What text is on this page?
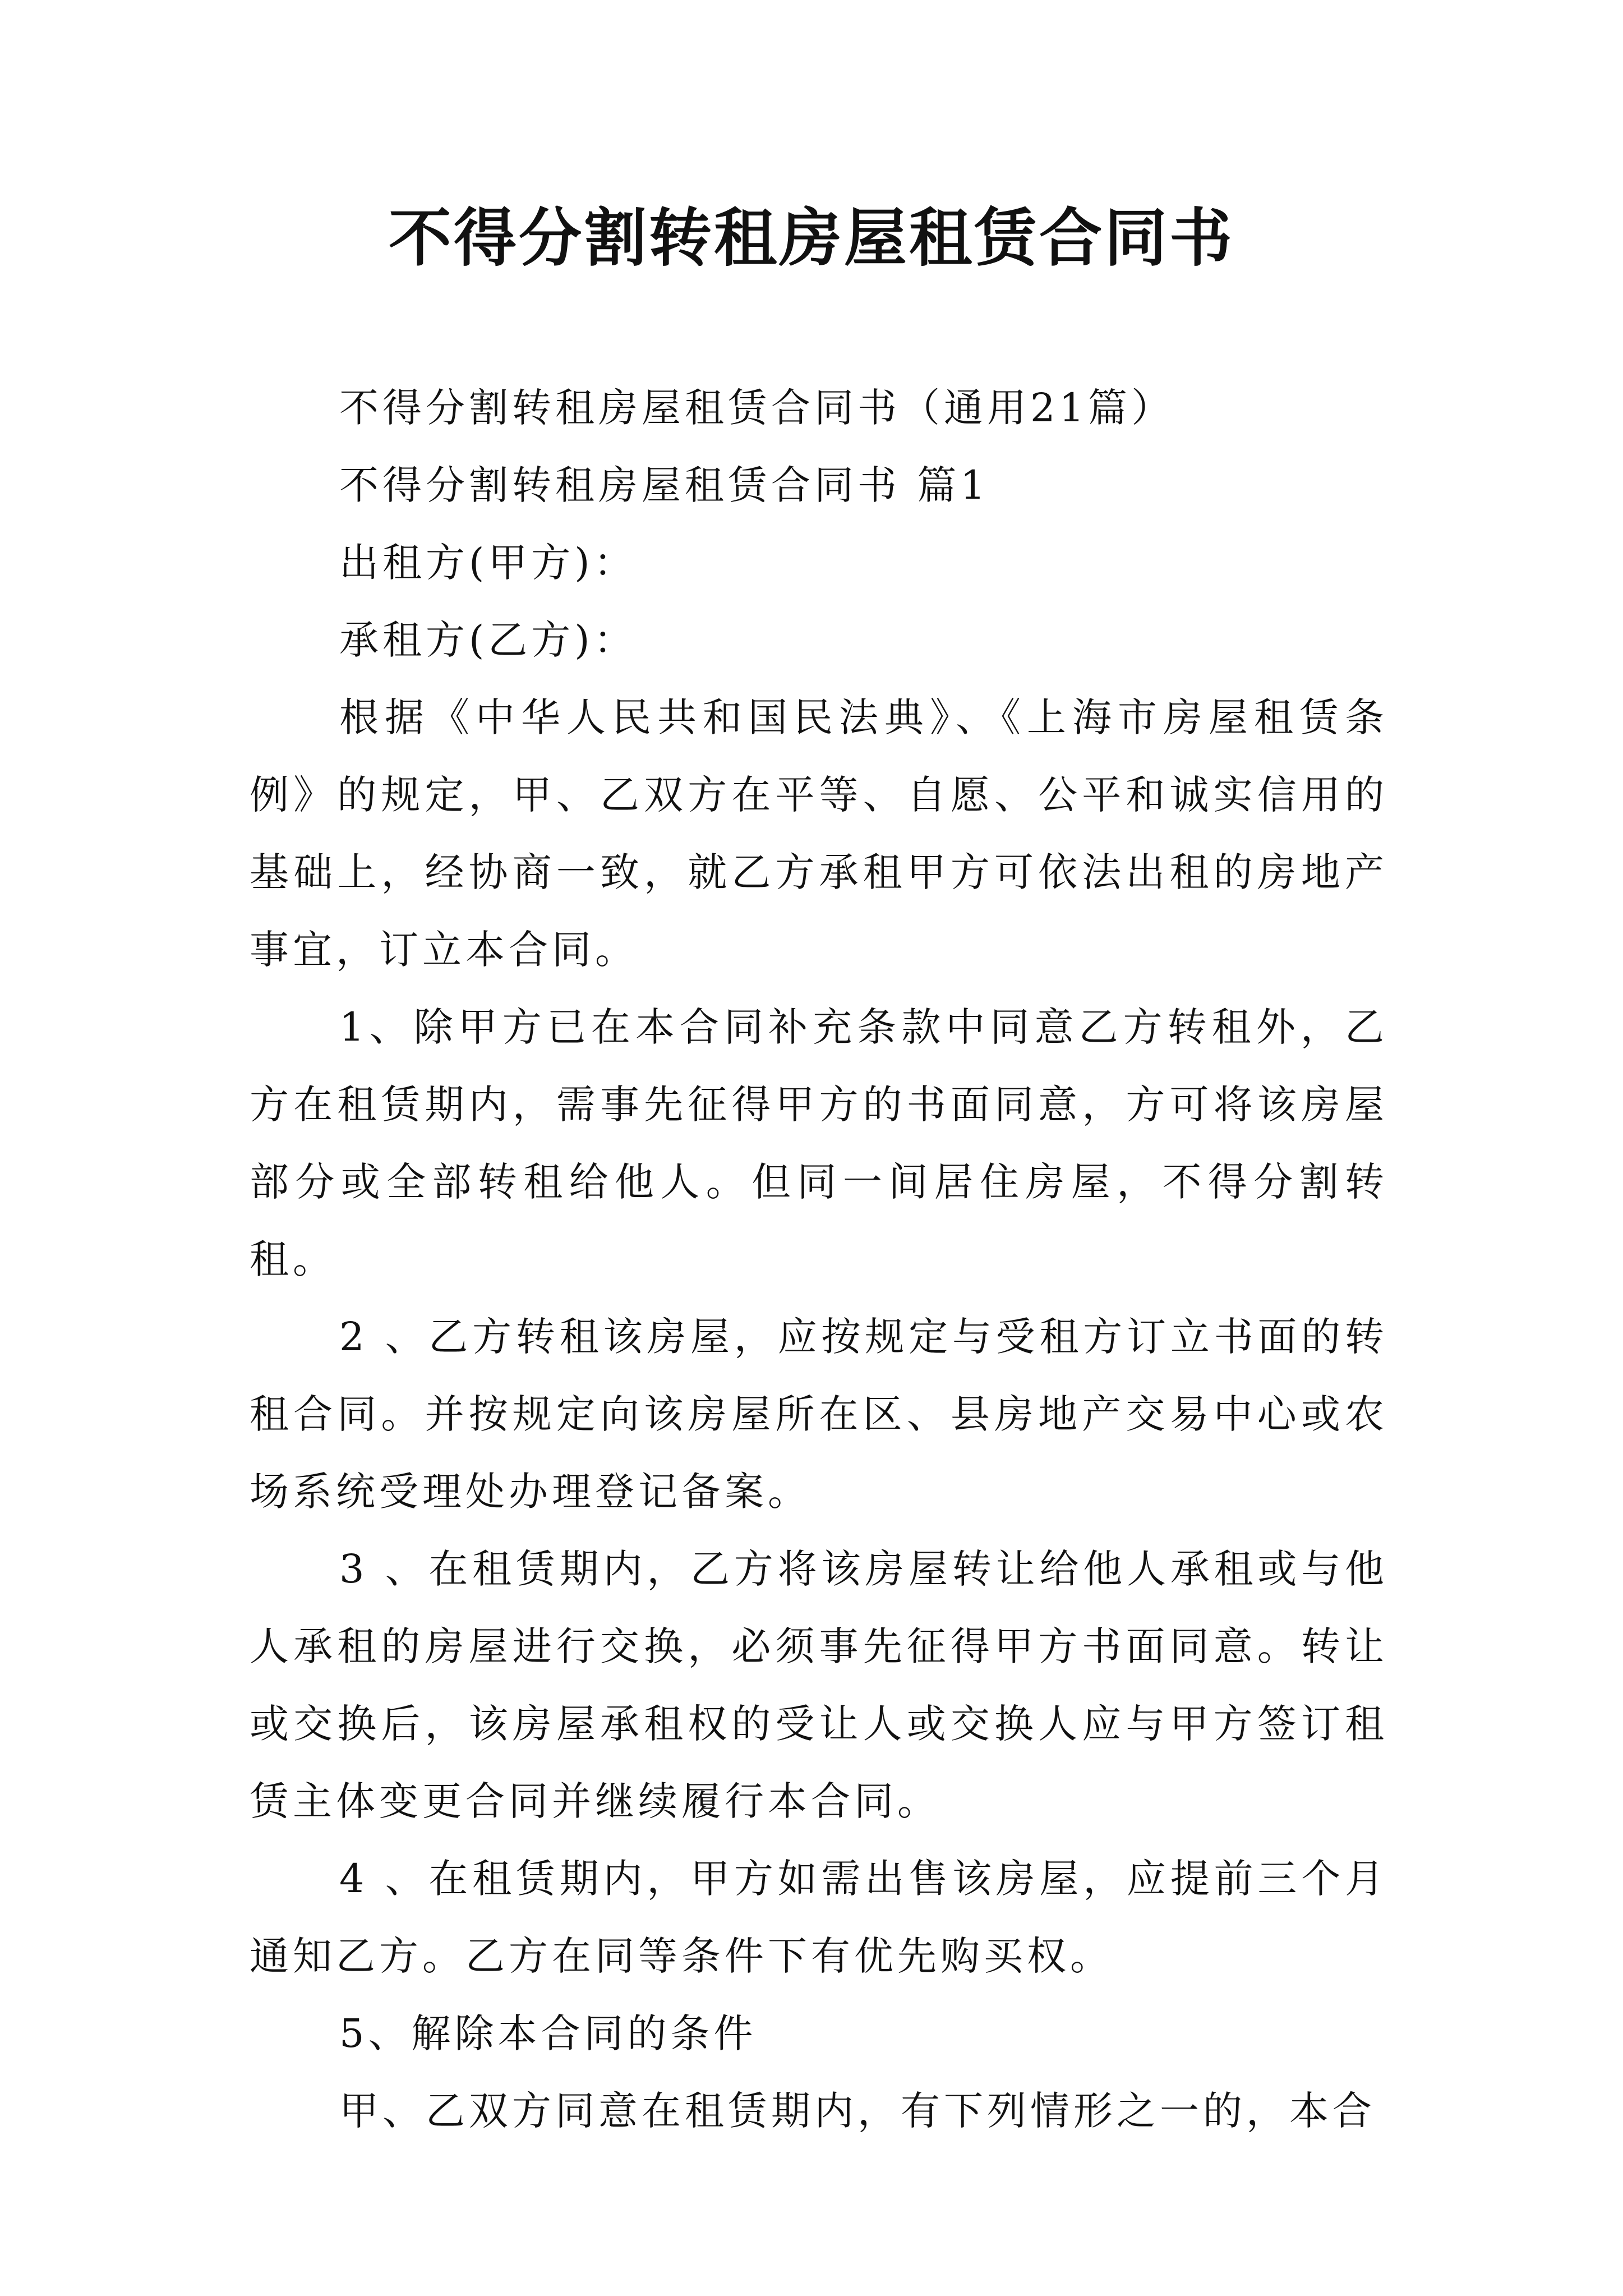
不得分割转租房屋租赁合同书

不得分割转租房屋租赁合同书（通用21篇）

不得分割转租房屋租赁合同书 篇1

出租方(甲方)：

承租方(乙方)：

根据《中华人民共和国民法典》、《上海市房屋租赁条例》的规定，甲、乙双方在平等、自愿、公平和诚实信用的基础上，经协商一致，就乙方承租甲方可依法出租的房地产事宜，订立本合同。

1、除甲方已在本合同补充条款中同意乙方转租外，乙方在租赁期内，需事先征得甲方的书面同意，方可将该房屋部分或全部转租给他人。但同一间居住房屋，不得分割转租。

2 、乙方转租该房屋，应按规定与受租方订立书面的转租合同。并按规定向该房屋所在区、县房地产交易中心或农场系统受理处办理登记备案。

3 、在租赁期内，乙方将该房屋转让给他人承租或与他人承租的房屋进行交换，必须事先征得甲方书面同意。转让或交换后，该房屋承租权的受让人或交换人应与甲方签订租赁主体变更合同并继续履行本合同。

4 、在租赁期内，甲方如需出售该房屋，应提前三个月通知乙方。乙方在同等条件下有优先购买权。

5、解除本合同的条件

甲、乙双方同意在租赁期内，有下列情形之一的，本合
